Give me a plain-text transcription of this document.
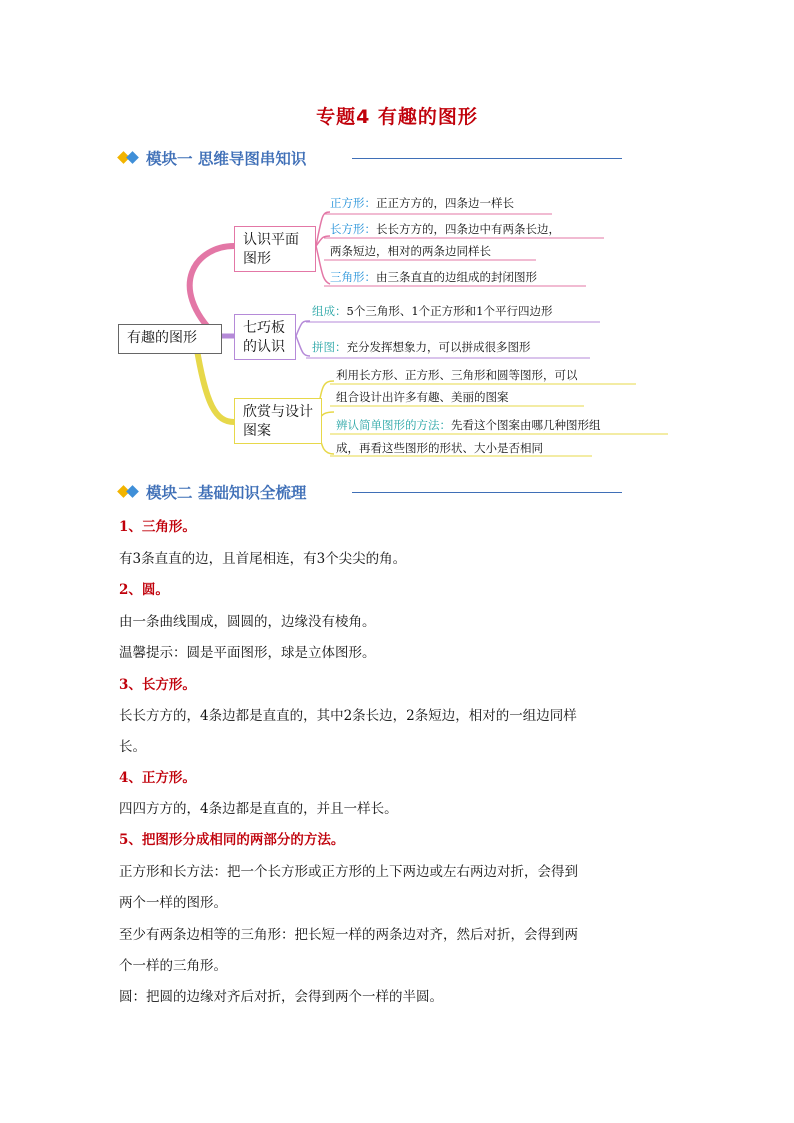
专题4 有趣的图形
模块一 思维导图串知识
有趣的图形
认识平面
图形
正方形：正正方方的，四条边一样长
长方形：长长方方的，四条边中有两条长边，
两条短边，相对的两条边同样长
三角形：由三条直直的边组成的封闭图形
七巧板
的认识
组成：5个三角形、1个正方形和1个平行四边形
拼图：充分发挥想象力，可以拼成很多图形
欣赏与设计
图案
利用长方形、正方形、三角形和圆等图形，可以
组合设计出许多有趣、美丽的图案
辨认简单图形的方法：先看这个图案由哪几种图形组
成，再看这些图形的形状、大小是否相同
模块二 基础知识全梳理
1、三角形。
有3条直直的边，且首尾相连，有3个尖尖的角。
2、圆。
由一条曲线围成，圆圆的，边缘没有棱角。
温馨提示：圆是平面图形，球是立体图形。
3、长方形。
长长方方的，4条边都是直直的，其中2条长边，2条短边，相对的一组边同样
长。
4、正方形。
四四方方的，4条边都是直直的，并且一样长。
5、把图形分成相同的两部分的方法。
正方形和长方法：把一个长方形或正方形的上下两边或左右两边对折，会得到
两个一样的图形。
至少有两条边相等的三角形：把长短一样的两条边对齐，然后对折，会得到两
个一样的三角形。
圆：把圆的边缘对齐后对折，会得到两个一样的半圆。
